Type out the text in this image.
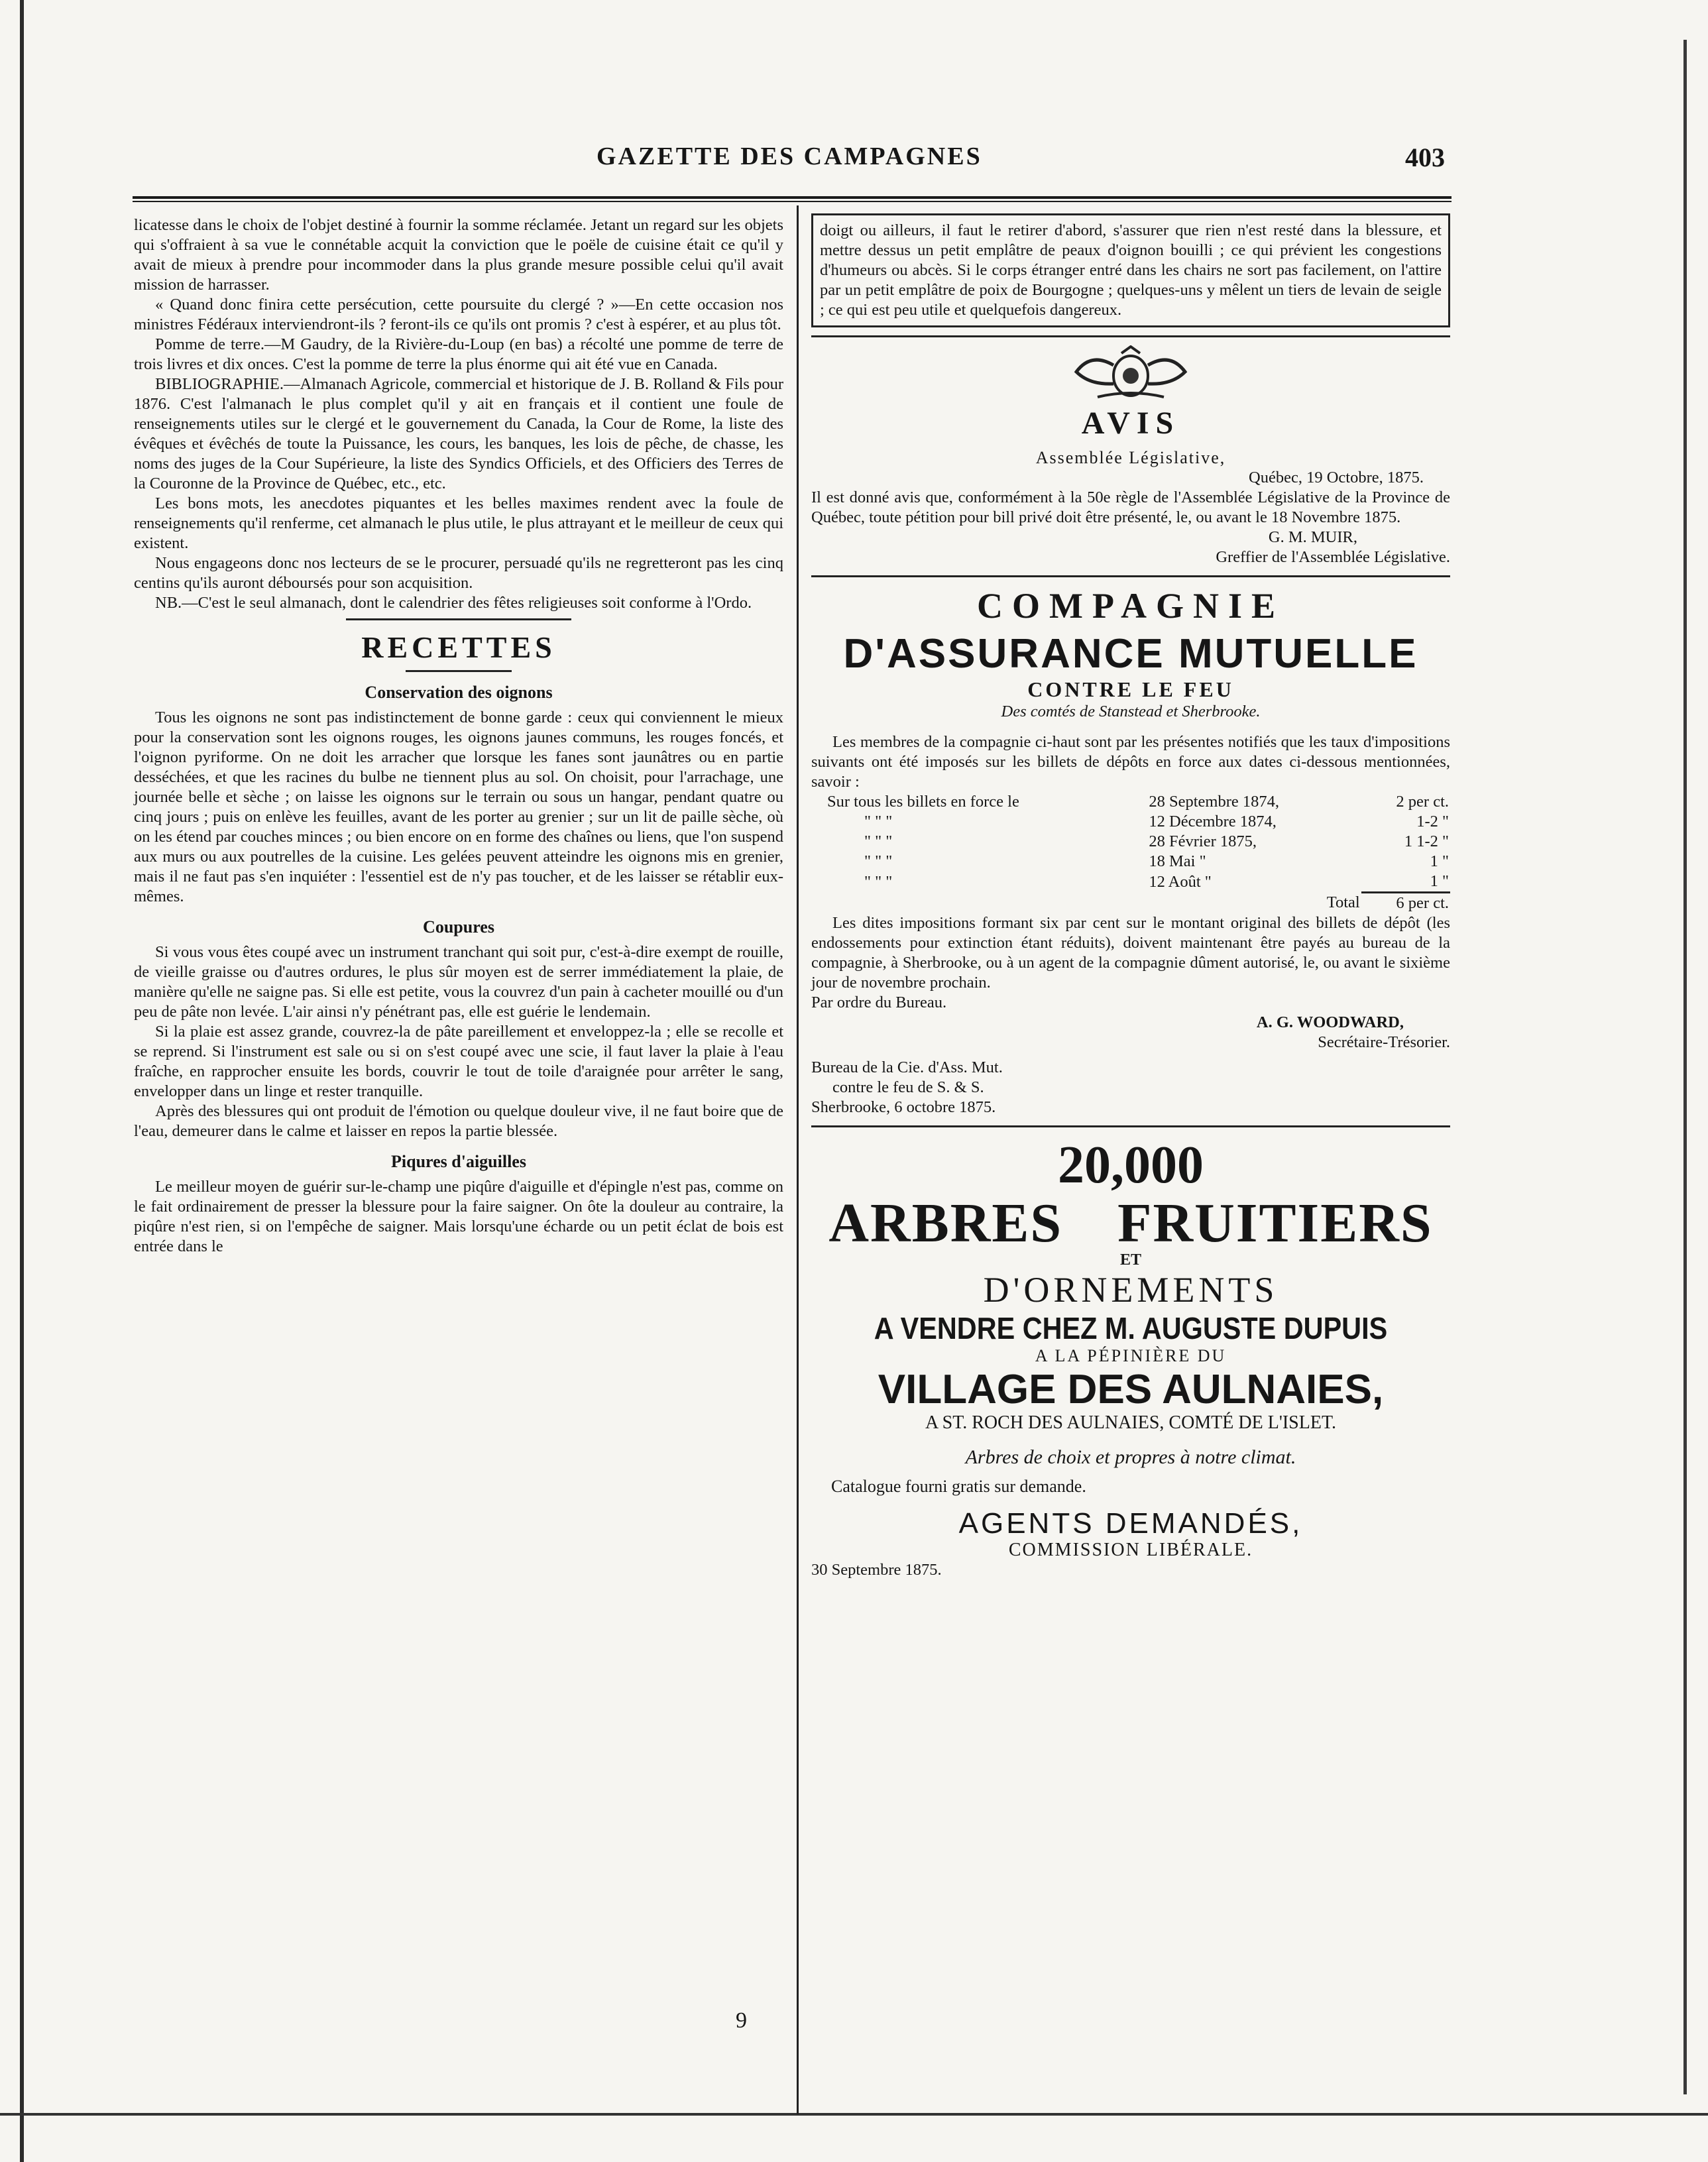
GAZETTE DES CAMPAGNES	403

licatesse dans le choix de l'objet destiné à fournir la somme réclamée. Jetant un regard sur les objets qui s'offraient à sa vue le connétable acquit la conviction que le poële de cuisine était ce qu'il y avait de mieux à prendre pour incommoder dans la plus grande mesure possible celui qu'il avait mission de harrasser.

« Quand donc finira cette persécution, cette poursuite du clergé ? »—En cette occasion nos ministres Fédéraux interviendront-ils ? feront-ils ce qu'ils ont promis ? c'est à espérer, et au plus tôt.

Pomme de terre.—M Gaudry, de la Rivière-du-Loup (en bas) a récolté une pomme de terre de trois livres et dix onces. C'est la pomme de terre la plus énorme qui ait été vue en Canada.

BIBLIOGRAPHIE.—Almanach Agricole, commercial et historique de J. B. Rolland & Fils pour 1876. C'est l'almanach le plus complet qu'il y ait en français et il contient une foule de renseignements utiles sur le clergé et le gouvernement du Canada, la Cour de Rome, la liste des évêques et évêchés de toute la Puissance, les cours, les banques, les lois de pêche, de chasse, les noms des juges de la Cour Supérieure, la liste des Syndics Officiels, et des Officiers des Terres de la Couronne de la Province de Québec, etc., etc.

Les bons mots, les anecdotes piquantes et les belles maximes rendent avec la foule de renseignements qu'il renferme, cet almanach le plus utile, le plus attrayant et le meilleur de ceux qui existent.

Nous engageons donc nos lecteurs de se le procurer, persuadé qu'ils ne regretteront pas les cinq centins qu'ils auront déboursés pour son acquisition.

NB.—C'est le seul almanach, dont le calendrier des fêtes religieuses soit conforme à l'Ordo.

RECETTES
Conservation des oignons

Tous les oignons ne sont pas indistinctement de bonne garde : ceux qui conviennent le mieux pour la conservation sont les oignons rouges, les oignons jaunes communs, les rouges foncés, et l'oignon pyriforme. On ne doit les arracher que lorsque les fanes sont jaunâtres ou en partie desséchées, et que les racines du bulbe ne tiennent plus au sol. On choisit, pour l'arrachage, une journée belle et sèche ; on laisse les oignons sur le terrain ou sous un hangar, pendant quatre ou cinq jours ; puis on enlève les feuilles, avant de les porter au grenier ; sur un lit de paille sèche, où on les étend par couches minces ; ou bien encore on en forme des chaînes ou liens, que l'on suspend aux murs ou aux poutrelles de la cuisine. Les gelées peuvent atteindre les oignons mis en grenier, mais il ne faut pas s'en inquiéter : l'essentiel est de n'y pas toucher, et de les laisser se rétablir eux-mêmes.

Coupures

Si vous vous êtes coupé avec un instrument tranchant qui soit pur, c'est-à-dire exempt de rouille, de vieille graisse ou d'autres ordures, le plus sûr moyen est de serrer immédiatement la plaie, de manière qu'elle ne saigne pas. Si elle est petite, vous la couvrez d'un pain à cacheter mouillé ou d'un peu de pâte non levée. L'air ainsi n'y pénétrant pas, elle est guérie le lendemain.

Si la plaie est assez grande, couvrez-la de pâte pareillement et enveloppez-la ; elle se recolle et se reprend. Si l'instrument est sale ou si on s'est coupé avec une scie, il faut laver la plaie à l'eau fraîche, en rapprocher ensuite les bords, couvrir le tout de toile d'araignée pour arrêter le sang, envelopper dans un linge et rester tranquille.

Après des blessures qui ont produit de l'émotion ou quelque douleur vive, il ne faut boire que de l'eau, demeurer dans le calme et laisser en repos la partie blessée.

Piqures d'aiguilles

Le meilleur moyen de guérir sur-le-champ une piqûre d'aiguille et d'épingle n'est pas, comme on le fait ordinairement de presser la blessure pour la faire saigner. On ôte la douleur au contraire, la piqûre n'est rien, si on l'empêche de saigner. Mais lorsqu'une écharde ou un petit éclat de bois est entrée dans le

doigt ou ailleurs, il faut le retirer d'abord, s'assurer que rien n'est resté dans la blessure, et mettre dessus un petit emplâtre de peaux d'oignon bouilli ; ce qui prévient les congestions d'humeurs ou abcès. Si le corps étranger entré dans les chairs ne sort pas facilement, on l'attire par un petit emplâtre de poix de Bourgogne ; quelques-uns y mêlent un tiers de levain de seigle ; ce qui est peu utile et quelquefois dangereux.

AVIS

Assemblée Législative,

Québec, 19 Octobre, 1875.

Il est donné avis que, conformément à la 50e règle de l'Assemblée Législative de la Province de Québec, toute pétition pour bill privé doit être présenté, le, ou avant le 18 Novembre 1875.

G. M. MUIR,

Greffier de l'Assemblée Législative.

COMPAGNIE
D'ASSURANCE MUTUELLE
CONTRE LE FEU

Des comtés de Stanstead et Sherbrooke.

Les membres de la compagnie ci-haut sont par les présentes notifiés que les taux d'impositions suivants ont été imposés sur les billets de dépôts en force aux dates ci-dessous mentionnées, savoir :

Sur tous les billets en force le	28 Septembre 1874,	2 per ct.
" " "	12 Décembre 1874,	1-2 "
" " "	28 Février 1875,	1 1-2 "
" " "	18 Mai "	1 "
" " "	12 Août "	1 "
	Total	6 per ct.

Les dites impositions formant six par cent sur le montant original des billets de dépôt (les endossements pour extinction étant réduits), doivent maintenant être payés au bureau de la compagnie, à Sherbrooke, ou à un agent de la compagnie dûment autorisé, le, ou avant le sixième jour de novembre prochain.

Par ordre du Bureau.

A. G. WOODWARD,

Secrétaire-Trésorier.

Bureau de la Cie. d'Ass. Mut.

contre le feu de S. & S.

Sherbrooke, 6 octobre 1875.

20,000
ARBRES FRUITIERS
ET
D'ORNEMENTS
A VENDRE CHEZ M. AUGUSTE DUPUIS
A LA PÉPINIÈRE DU
VILLAGE DES AULNAIES,

A ST. ROCH DES AULNAIES, COMTÉ DE L'ISLET.

Arbres de choix et propres à notre climat.

Catalogue fourni gratis sur demande.

AGENTS DEMANDÉS,

COMMISSION LIBÉRALE.

30 Septembre 1875.

9
